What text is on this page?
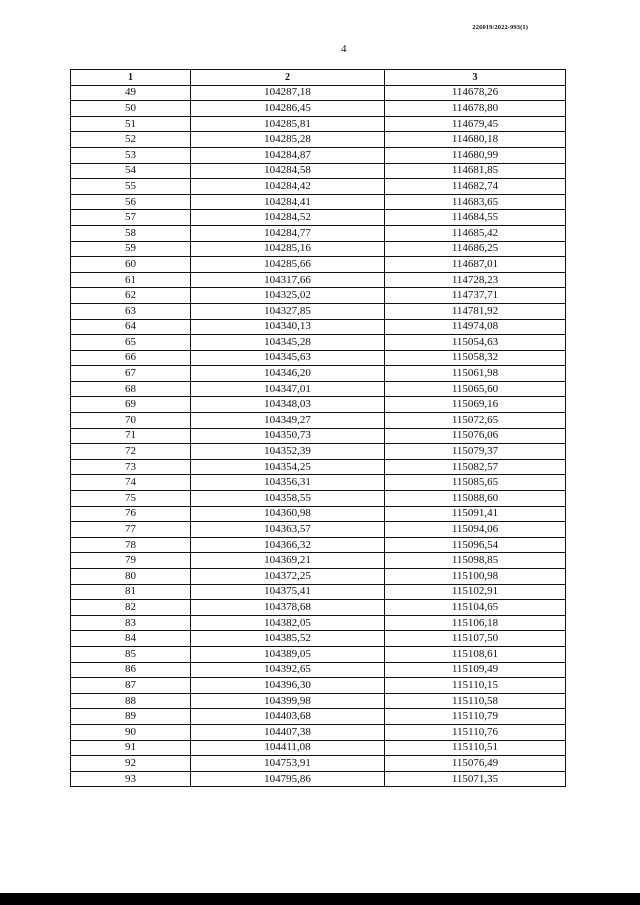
226019/2022-993(1)
4
1	2	3
49	104287,18	114678,26
50	104286,45	114678,80
51	104285,81	114679,45
52	104285,28	114680,18
53	104284,87	114680,99
54	104284,58	114681,85
55	104284,42	114682,74
56	104284,41	114683,65
57	104284,52	114684,55
58	104284,77	114685,42
59	104285,16	114686,25
60	104285,66	114687,01
61	104317,66	114728,23
62	104325,02	114737,71
63	104327,85	114781,92
64	104340,13	114974,08
65	104345,28	115054,63
66	104345,63	115058,32
67	104346,20	115061,98
68	104347,01	115065,60
69	104348,03	115069,16
70	104349,27	115072,65
71	104350,73	115076,06
72	104352,39	115079,37
73	104354,25	115082,57
74	104356,31	115085,65
75	104358,55	115088,60
76	104360,98	115091,41
77	104363,57	115094,06
78	104366,32	115096,54
79	104369,21	115098,85
80	104372,25	115100,98
81	104375,41	115102,91
82	104378,68	115104,65
83	104382,05	115106,18
84	104385,52	115107,50
85	104389,05	115108,61
86	104392,65	115109,49
87	104396,30	115110,15
88	104399,98	115110,58
89	104403,68	115110,79
90	104407,38	115110,76
91	104411,08	115110,51
92	104753,91	115076,49
93	104795,86	115071,35
